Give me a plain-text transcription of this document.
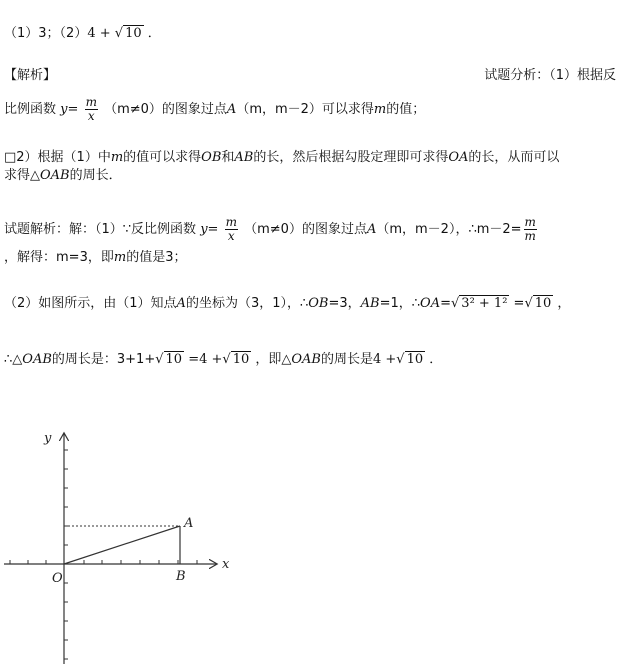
（1）3；（2）4 + √ 10 ．
【解析】	试题分析：（1）根据反
比例函数 $y= \frac{m}{x} (m\ne 0)$的图象过点A（m，m－2）可以求得m的值；
□2）根据（1）中m的值可以求得OB和AB的长，然后根据勾股定理即可求得OA的长，从而可以
求得△OAB的周长．
试题解析：解：（1）∵反比例函数 $y= \frac{m}{x} (m\ne 0)$的图象过点A（m，m－2），∴m－2= $\frac{m}{m}$
，解得：m=3，即m的值是3；
（2）如图所示，由（1）知点A的坐标为（3，1），∴OB=3，AB=1，∴OA=√ 3² + 1² =√ 10 ，
∴△OAB的周长是：3+1+√ 10 =4 +√ 10 ，即△OAB的周长是4 +√ 10 ．
y
x
O
A
B
